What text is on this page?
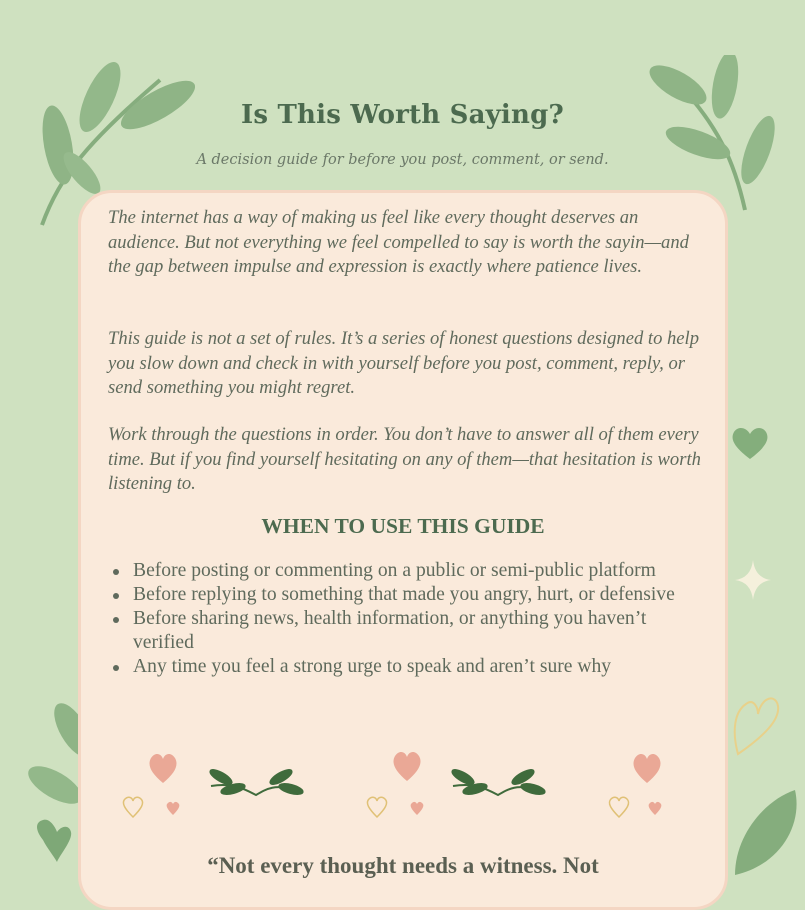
Is This Worth Saying?

A decision guide for before you post, comment, or send.

The internet has a way of making us feel like every thought deserves an audience. But not everything we feel compelled to say is worth the sayin—and the gap between impulse and expression is exactly where patience lives.

This guide is not a set of rules. It’s a series of honest questions designed to help you slow down and check in with yourself before you post, comment, reply, or send something you might regret.

Work through the questions in order. You don’t have to answer all of them every time. But if you find yourself hesitating on any of them—that hesitation is worth listening to.

WHEN TO USE THIS GUIDE
Before posting or commenting on a public or semi-public platform
Before replying to something that made you angry, hurt, or defensive
Before sharing news, health information, or anything you haven’t verified
Any time you feel a strong urge to speak and aren’t sure why

“Not every thought needs a witness. Not
